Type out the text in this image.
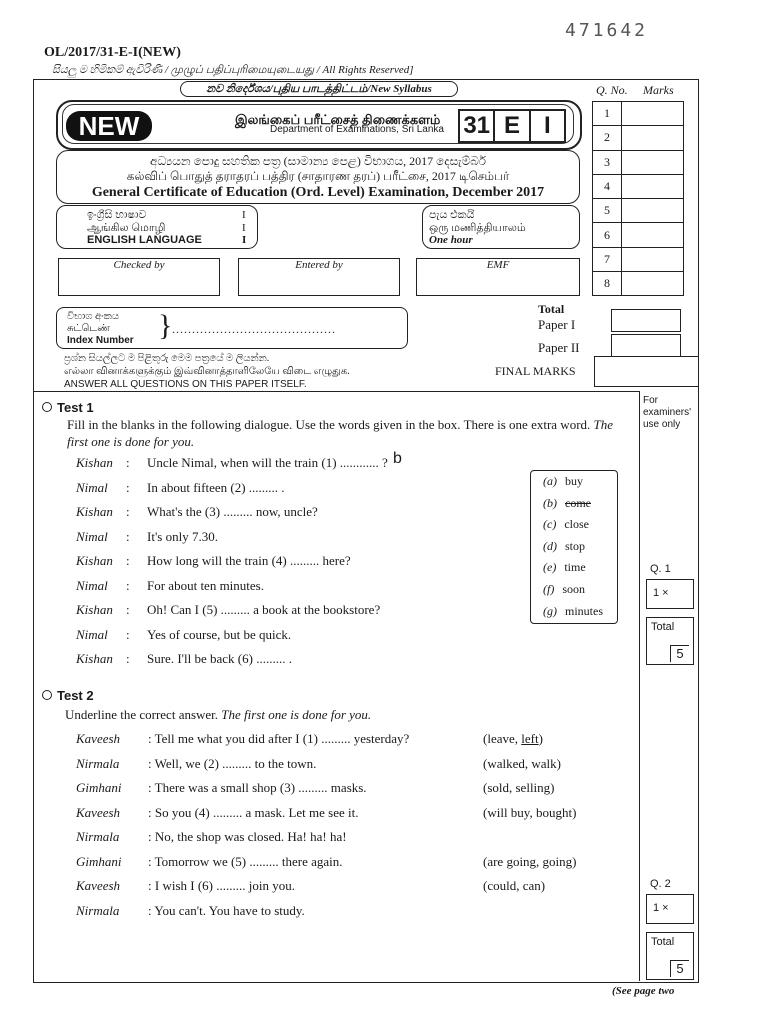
471642
OL/2017/31-E-I(NEW)
සියලු ම හිමිකම් ඇවිරිණි / முழுப் பதிப்புரிமையுடையது / All Rights Reserved]
නව නිර්දේශය/புதிய பாடத்திட்டம்/New Syllabus	Q. No. Marks
1	
2	
3	
4	
5	
6	
7	
8	
NEW	இலங்கைப் பரீட்சைத் திணைக்களம்
Department of Examinations, Sri Lanka 31 E I
අධ්‍යයන පොදු සහතික පත්‍ර (සාමාන්‍ය පෙළ) විභාගය, 2017 දෙසැම්බර්
கல்விப் பொதுத் தராதரப் பத்திர (சாதாரண தரப்) பரீட்சை, 2017 டிசெம்பர்
General Certificate of Education (Ord. Level) Examination, December 2017
ඉංග්‍රීසි භාෂාව
ஆங்கில மொழி
ENGLISH LANGUAGE
I
I
I
පැය එකයි
ஒரு மணித்தியாலம்
One hour
Checked by	Entered by	EMF
විභාග අංකය
சுட்டெண்
Index Number } .........................................
Total
Paper I
Paper II
FINAL MARKS
ප්‍රශ්න සියල්ලට ම පිළිතුරු මෙම පත්‍රයේ ම ලියන්න.
எல்லா வினாக்களுக்கும் இவ்வினாத்தாளிலேயே விடை எழுதுக.
ANSWER ALL QUESTIONS ON THIS PAPER ITSELF.
For
examiners'
use only
Test 1
Fill in the blanks in the following dialogue. Use the words given in the box. There is one extra word. The first one is done for you.
Kishan : Uncle Nimal, when will the train (1) ............ ?
Nimal : In about fifteen (2) ......... .
Kishan : What's the (3) ......... now, uncle?
Nimal : It's only 7.30.
Kishan : How long will the train (4) ......... here?
Nimal : For about ten minutes.
Kishan : Oh! Can I (5) ......... a book at the bookstore?
Nimal : Yes of course, but be quick.
Kishan : Sure. I'll be back (6) ......... .
b
(a) buy
(b) come
(c) close
(d) stop
(e) time
(f) soon
(g) minutes
Q. 1
1 ×
Total
5
Test 2
Underline the correct answer. The first one is done for you.
Kaveesh : Tell me what you did after I (1) ......... yesterday?	(leave, left)
Nirmala : Well, we (2) ......... to the town.	(walked, walk)
Gimhani : There was a small shop (3) ......... masks.	(sold, selling)
Kaveesh : So you (4) ......... a mask. Let me see it.	(will buy, bought)
Nirmala : No, the shop was closed. Ha! ha! ha!
Gimhani : Tomorrow we (5) ......... there again.	(are going, going)
Kaveesh : I wish I (6) ......... join you.	(could, can)
Nirmala : You can't. You have to study.
Q. 2
1 ×
Total
5
(See page two
